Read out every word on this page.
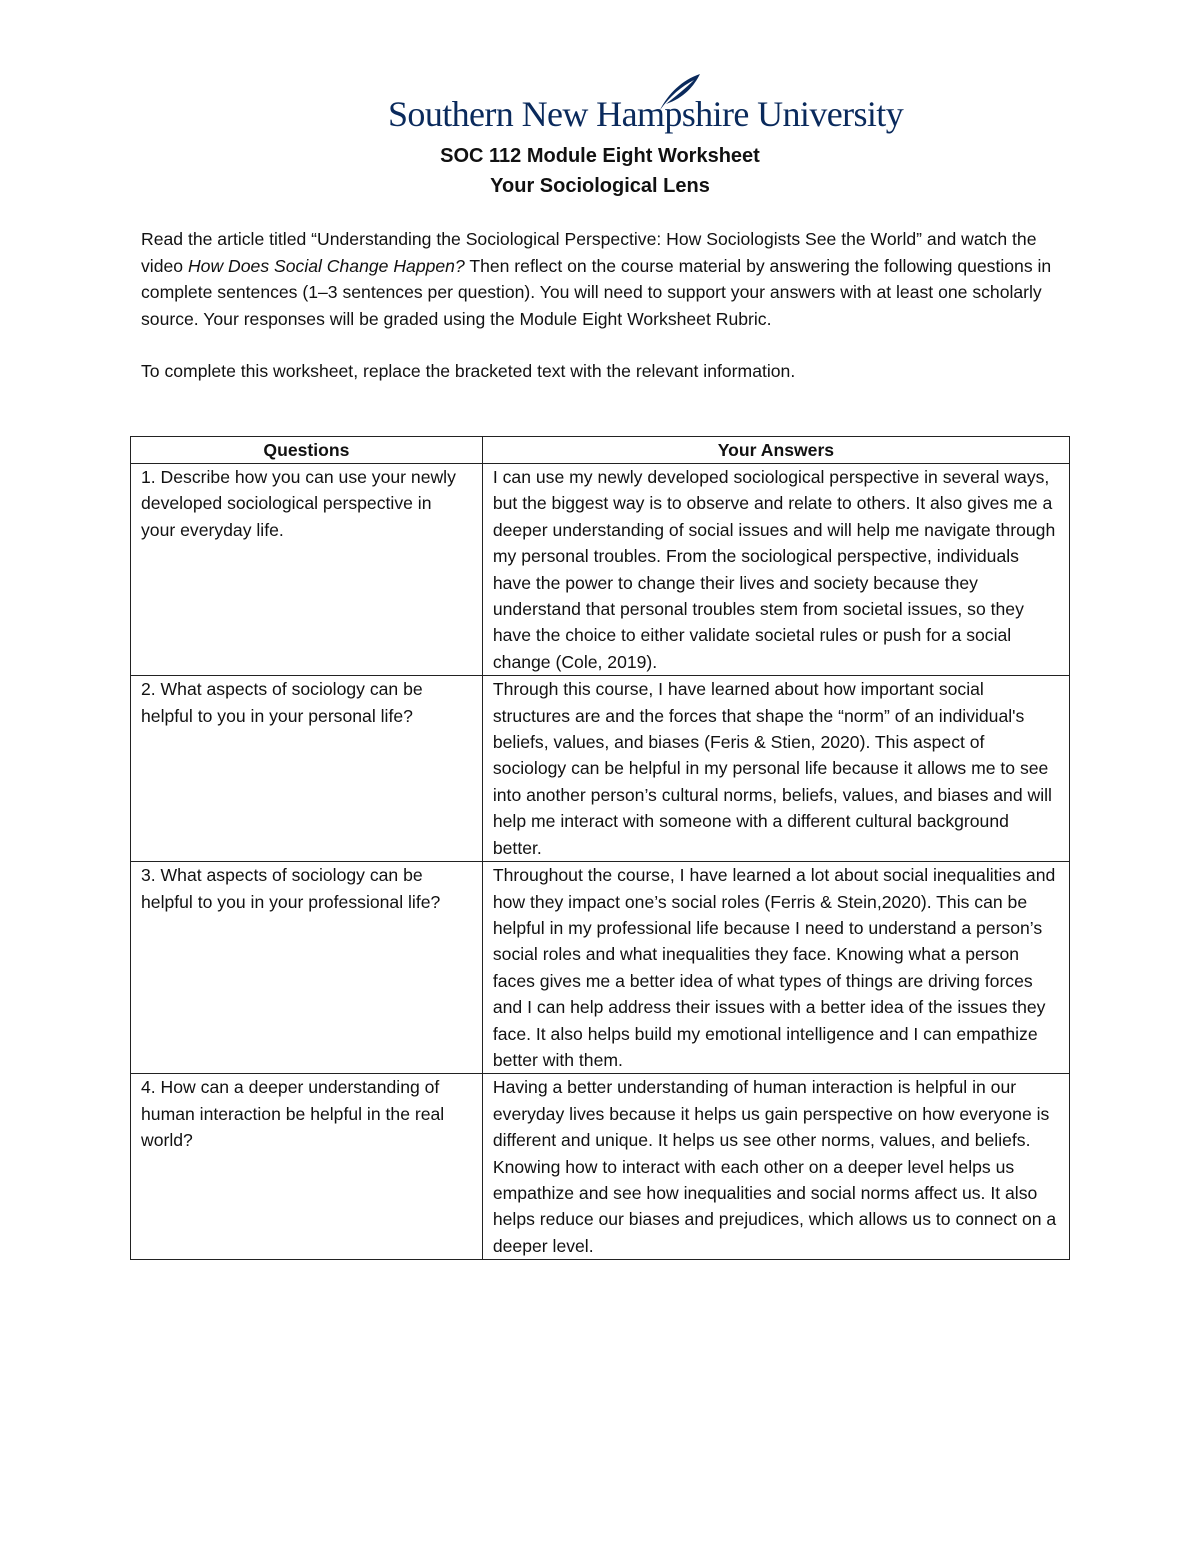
Southern New Hampshire University
SOC 112 Module Eight Worksheet
Your Sociological Lens

Read the article titled “Understanding the Sociological Perspective: How Sociologists See the World” and watch the video How Does Social Change Happen? Then reflect on the course material by answering the following questions in complete sentences (1–3 sentences per question). You will need to support your answers with at least one scholarly source. Your responses will be graded using the Module Eight Worksheet Rubric.

To complete this worksheet, replace the bracketed text with the relevant information.

Questions	Your Answers
1. Describe how you can use your newly developed sociological perspective in your everyday life.	I can use my newly developed sociological perspective in several ways, but the biggest way is to observe and relate to others. It also gives me a deeper understanding of social issues and will help me navigate through my personal troubles. From the sociological perspective, individuals have the power to change their lives and society because they understand that personal troubles stem from societal issues, so they have the choice to either validate societal rules or push for a social change (Cole, 2019).
2. What aspects of sociology can be helpful to you in your personal life?	Through this course, I have learned about how important social structures are and the forces that shape the “norm” of an individual's beliefs, values, and biases (Feris & Stien, 2020). This aspect of sociology can be helpful in my personal life because it allows me to see into another person’s cultural norms, beliefs, values, and biases and will help me interact with someone with a different cultural background better.
3. What aspects of sociology can be helpful to you in your professional life?	Throughout the course, I have learned a lot about social inequalities and how they impact one’s social roles (Ferris & Stein,2020). This can be helpful in my professional life because I need to understand a person’s social roles and what inequalities they face. Knowing what a person faces gives me a better idea of what types of things are driving forces and I can help address their issues with a better idea of the issues they face. It also helps build my emotional intelligence and I can empathize better with them.
4. How can a deeper understanding of human interaction be helpful in the real world?	Having a better understanding of human interaction is helpful in our everyday lives because it helps us gain perspective on how everyone is different and unique. It helps us see other norms, values, and beliefs. Knowing how to interact with each other on a deeper level helps us empathize and see how inequalities and social norms affect us. It also helps reduce our biases and prejudices, which allows us to connect on a deeper level.
